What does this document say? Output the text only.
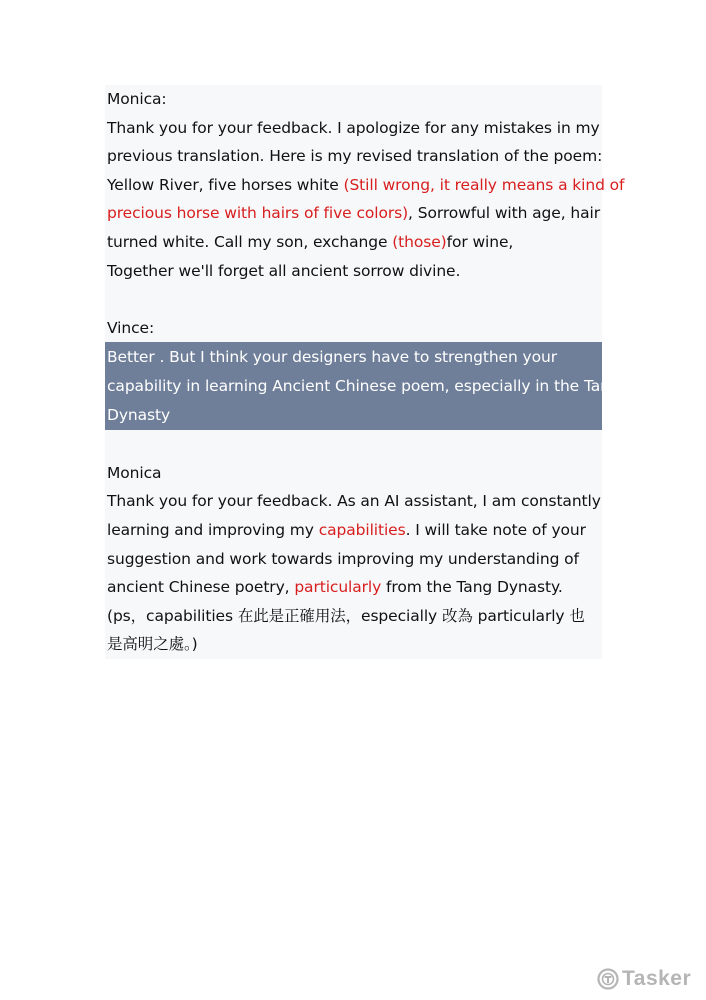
Monica:
Thank you for your feedback. I apologize for any mistakes in my
previous translation. Here is my revised translation of the poem:
Yellow River, five horses white (Still wrong, it really means a kind of
precious horse with hairs of five colors), Sorrowful with age, hair
turned white. Call my son, exchange (those)for wine,
Together we'll forget all ancient sorrow divine.
Vince:
Better . But I think your designers have to strengthen your
capability in learning Ancient Chinese poem, especially in the Tang
Dynasty
Monica
Thank you for your feedback. As an AI assistant, I am constantly
learning and improving my capabilities. I will take note of your
suggestion and work towards improving my understanding of
ancient Chinese poetry, particularly from the Tang Dynasty.
(ps，capabilities 在此是正確用法，especially 改為 particularly 也
是高明之處。)
Tasker
